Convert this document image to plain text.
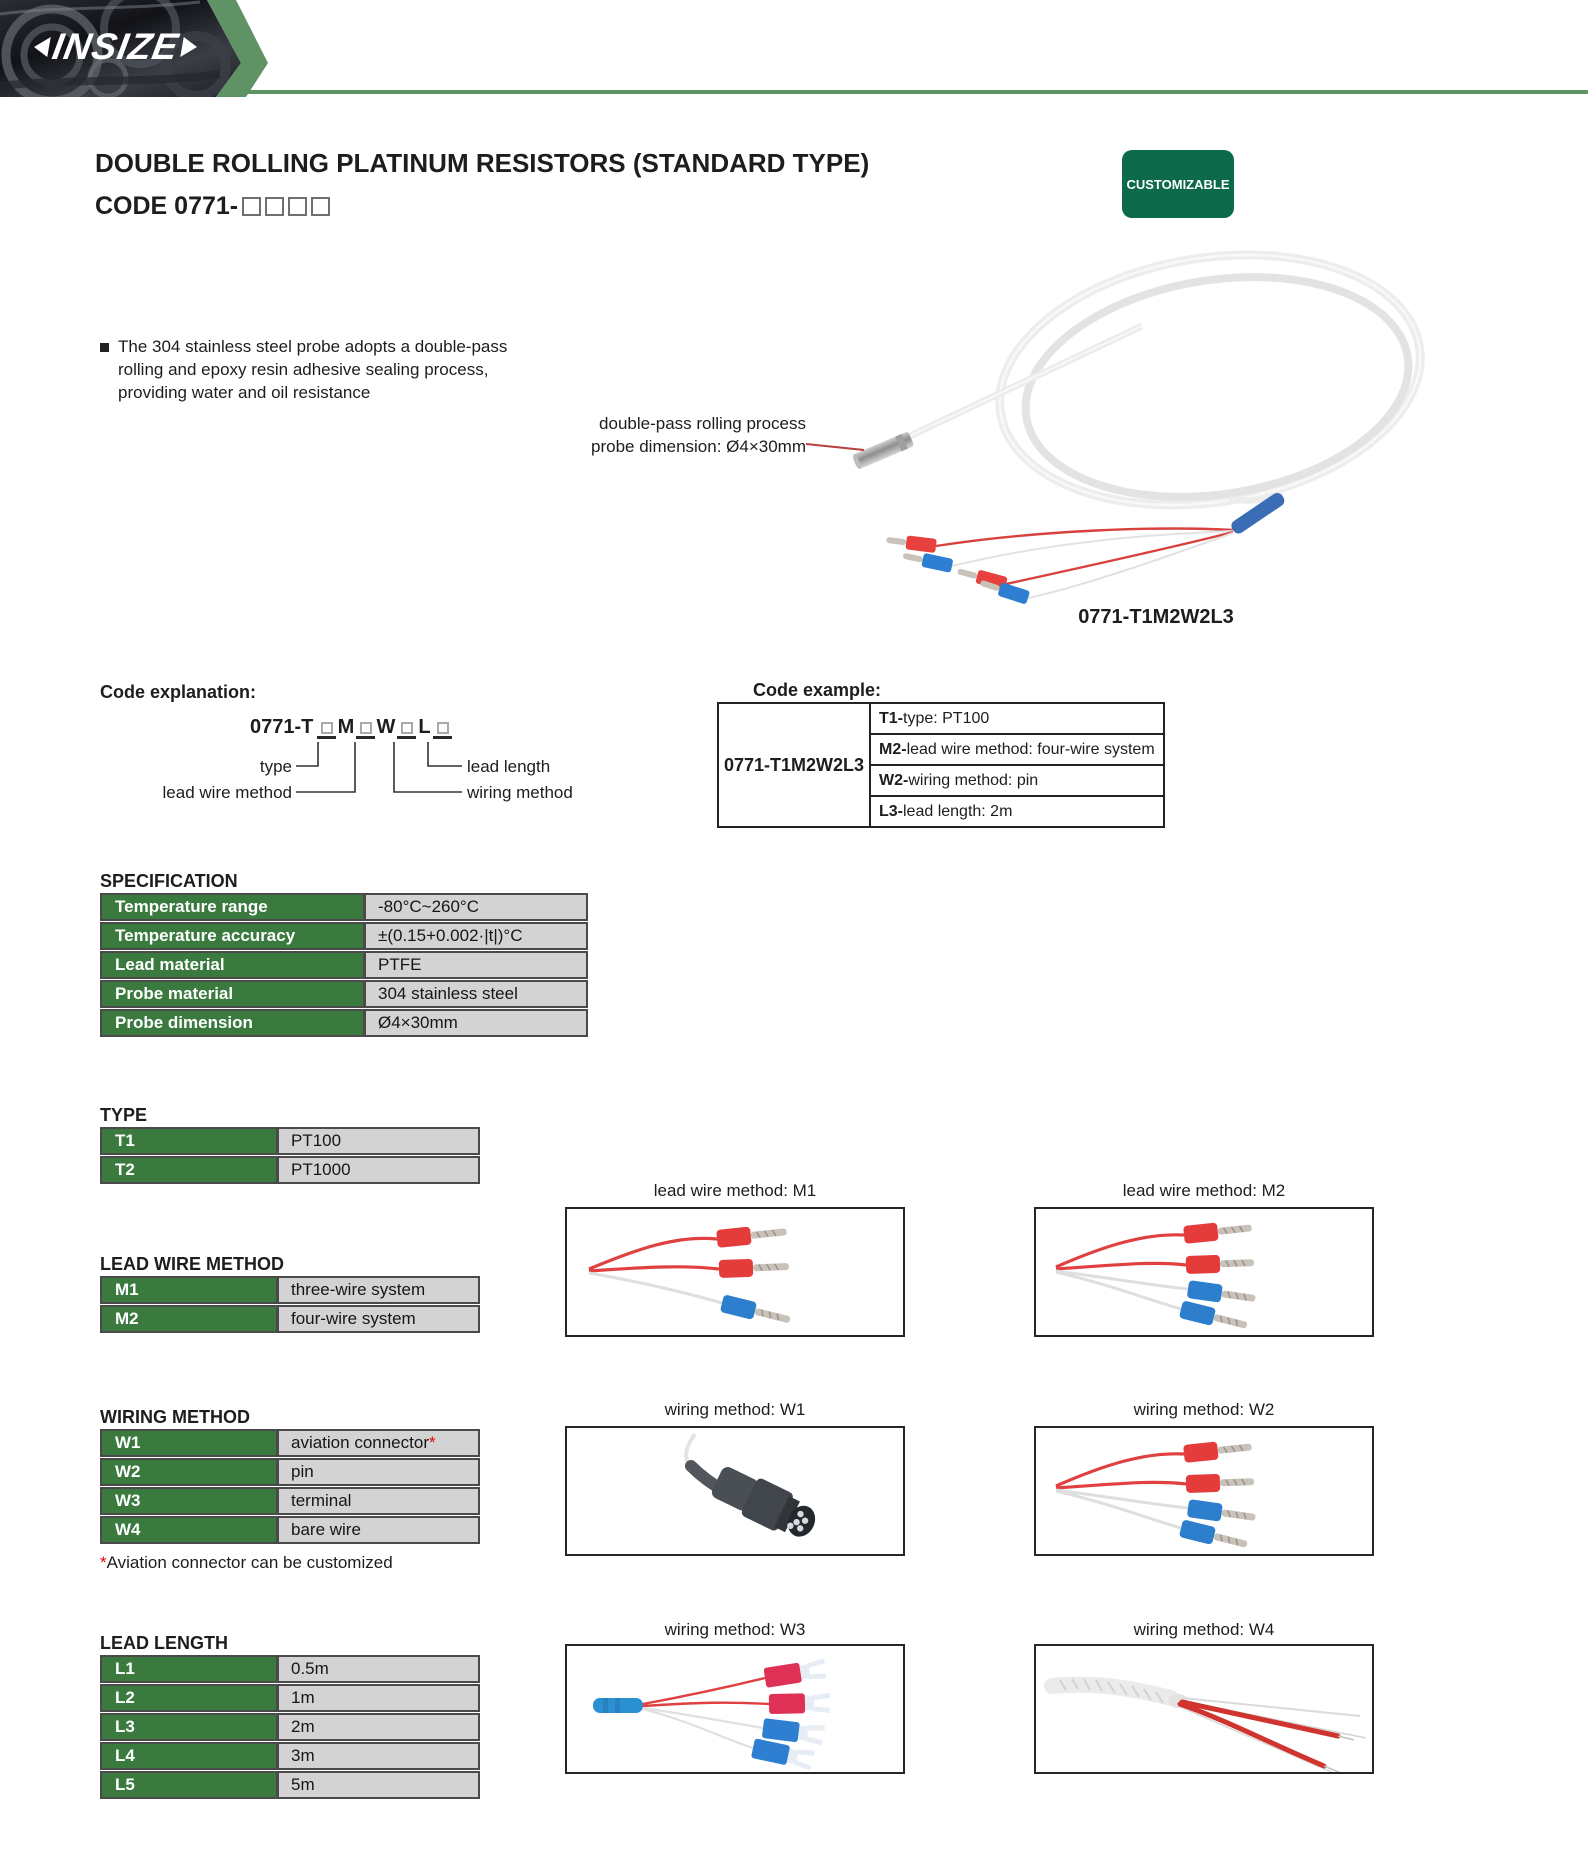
INSIZE
DOUBLE ROLLING PLATINUM RESISTORS (STANDARD TYPE)
CODE 0771-
CUSTOMIZABLE
The 304 stainless steel probe adopts a double-pass rolling and epoxy resin adhesive sealing process, providing water and oil resistance
double-pass rolling process
probe dimension: Ø4×30mm
0771-T1M2W2L3
Code explanation:
0771-T M W L
type
lead wire method
lead length
wiring method
Code example:
0771-T1M2W2L3
T1-type: PT100
M2-lead wire method: four-wire system
W2-wiring method: pin
L3-lead length: 2m
SPECIFICATION
Temperature range	-80°C~260°C
Temperature accuracy	±(0.15+0.002·|t|)°C
Lead material	PTFE
Probe material	304 stainless steel
Probe dimension	Ø4×30mm
TYPE
T1	PT100
T2	PT1000
LEAD WIRE METHOD
M1	three-wire system
M2	four-wire system
WIRING METHOD
W1	aviation connector*
W2	pin
W3	terminal
W4	bare wire
*Aviation connector can be customized
LEAD LENGTH
L1	0.5m
L2	1m
L3	2m
L4	3m
L5	5m
lead wire method: M1	lead wire method: M2
wiring method: W1	wiring method: W2
wiring method: W3	wiring method: W4
